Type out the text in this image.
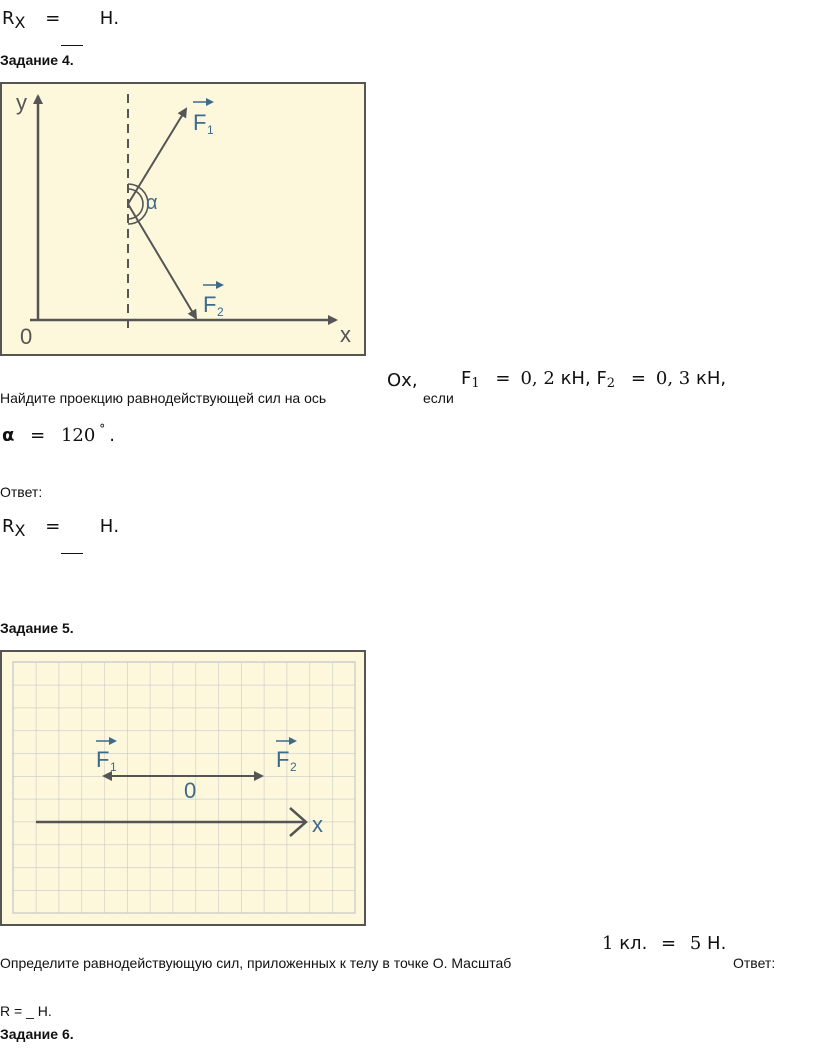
RX = Н.
Задание 4.
y
x
0
α
F 1
F 2
Найдите проекцию равнодействующей сил на ось
Ox,
если
F1 = 0, 2 кН, F2 = 0, 3 кН,
α = 120 ° .
Ответ:
RX = Н.
Задание 5.
x
0
F 1	F 2
Определите равнодействующую сил, приложенных к телу в точке О. Масштаб
1 кл. = 5 Н.
Ответ:
R = _ Н.
Задание 6.
